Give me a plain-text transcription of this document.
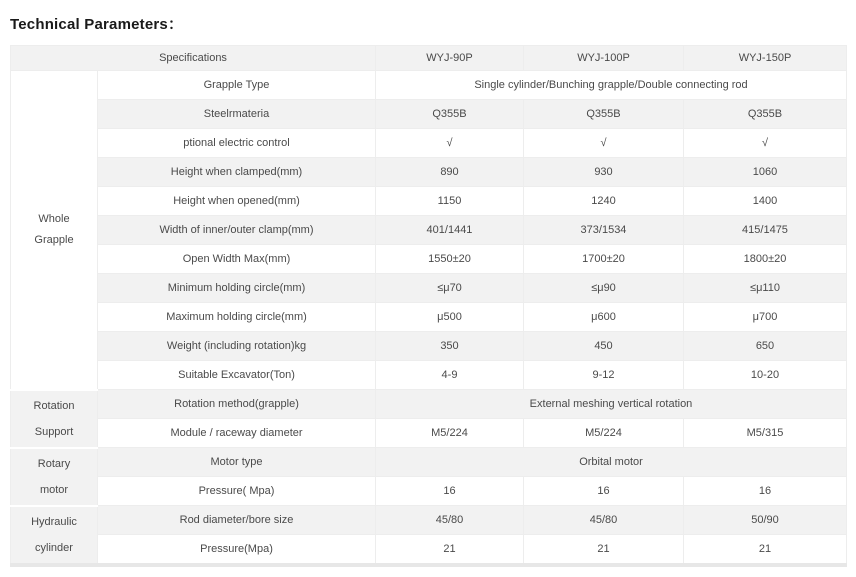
Technical Parameters：
Specifications		WYJ-90P	WYJ-100P	WYJ-150P

Whole
Grapple	Grapple Type	Single cylinder/Bunching grapple/Double connecting rod		
	Steelrmateria	Q355B	Q355B	Q355B
	ptional electric control	√	√	√
	Height when clamped(mm)	890	930	1060
	Height when opened(mm)	1150	1240	1400
	Width of inner/outer clamp(mm)	401/1441	373/1534	415/1475
	Open Width Max(mm)	1550±20	1700±20	1800±20
	Minimum holding circle(mm)	≤μ70	≤μ90	≤μ110
	Maximum holding circle(mm)	μ500	μ600	μ700
	Weight (including rotation)kg	350	450	650
	Suitable Excavator(Ton)	4-9	9-12	10-20

Rotation
Support	Rotation method(grapple)	External meshing vertical rotation		
	Module / raceway diameter	M5/224	M5/224	M5/315

Rotary
motor	Motor type	Orbital motor		
	Pressure( Mpa)	16	16	16

Hydraulic
cylinder	Rod diameter/bore size	45/80	45/80	50/90
	Pressure(Mpa)	21	21	21
